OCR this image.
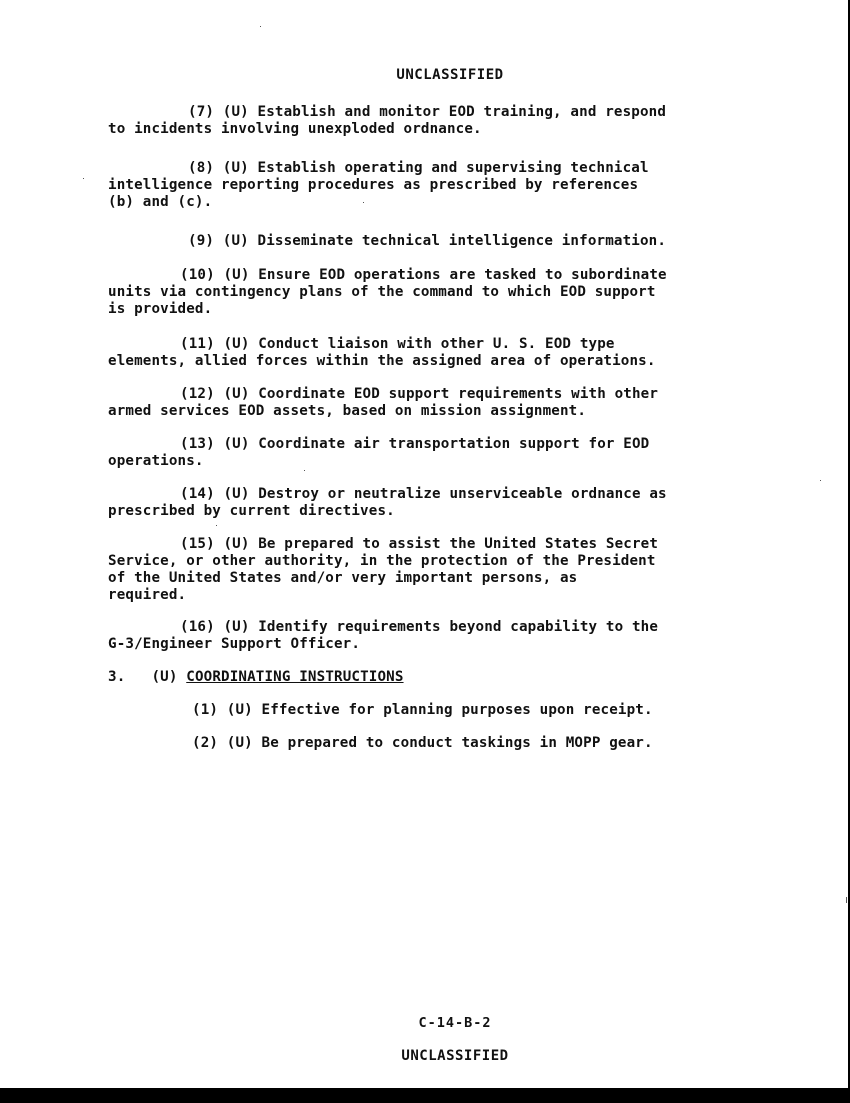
UNCLASSIFIED
(7) (U) Establish and monitor EOD training, and respond
to incidents involving unexploded ordnance.
(8) (U) Establish operating and supervising technical
intelligence reporting procedures as prescribed by references
(b) and (c).
(9) (U) Disseminate technical intelligence information.
(10) (U) Ensure EOD operations are tasked to subordinate
units via contingency plans of the command to which EOD support
is provided.
(11) (U) Conduct liaison with other U. S. EOD type
elements, allied forces within the assigned area of operations.
(12) (U) Coordinate EOD support requirements with other
armed services EOD assets, based on mission assignment.
(13) (U) Coordinate air transportation support for EOD
operations.
(14) (U) Destroy or neutralize unserviceable ordnance as
prescribed by current directives.
(15) (U) Be prepared to assist the United States Secret
Service, or other authority, in the protection of the President
of the United States and/or very important persons, as
required.
(16) (U) Identify requirements beyond capability to the
G-3/Engineer Support Officer.
3. (U) COORDINATING INSTRUCTIONS
(1) (U) Effective for planning purposes upon receipt.
(2) (U) Be prepared to conduct taskings in MOPP gear.
C-14-B-2
UNCLASSIFIED
